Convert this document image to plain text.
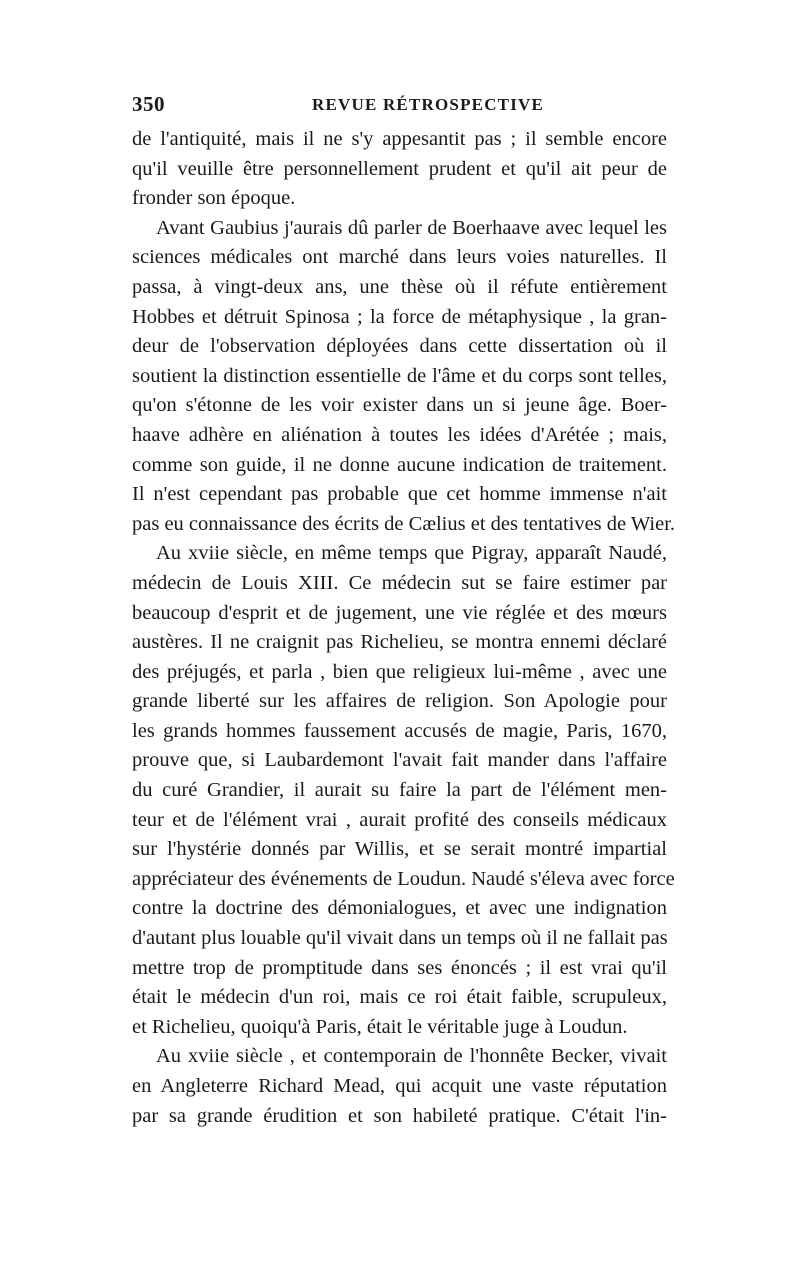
350	REVUE RÉTROSPECTIVE
de l'antiquité, mais il ne s'y appesantit pas ; il semble encore
qu'il veuille être personnellement prudent et qu'il ait peur de
fronder son époque.
Avant Gaubius j'aurais dû parler de Boerhaave avec lequel les
sciences médicales ont marché dans leurs voies naturelles. Il
passa, à vingt-deux ans, une thèse où il réfute entièrement
Hobbes et détruit Spinosa ; la force de métaphysique , la gran-
deur de l'observation déployées dans cette dissertation où il
soutient la distinction essentielle de l'âme et du corps sont telles,
qu'on s'étonne de les voir exister dans un si jeune âge. Boer-
haave adhère en aliénation à toutes les idées d'Arétée ; mais,
comme son guide, il ne donne aucune indication de traitement.
Il n'est cependant pas probable que cet homme immense n'ait
pas eu connaissance des écrits de Cælius et des tentatives de Wier.
Au xviie siècle, en même temps que Pigray, apparaît Naudé,
médecin de Louis XIII. Ce médecin sut se faire estimer par
beaucoup d'esprit et de jugement, une vie réglée et des mœurs
austères. Il ne craignit pas Richelieu, se montra ennemi déclaré
des préjugés, et parla , bien que religieux lui-même , avec une
grande liberté sur les affaires de religion. Son Apologie pour
les grands hommes faussement accusés de magie, Paris, 1670,
prouve que, si Laubardemont l'avait fait mander dans l'affaire
du curé Grandier, il aurait su faire la part de l'élément men-
teur et de l'élément vrai , aurait profité des conseils médicaux
sur l'hystérie donnés par Willis, et se serait montré impartial
appréciateur des événements de Loudun. Naudé s'éleva avec force
contre la doctrine des démonialogues, et avec une indignation
d'autant plus louable qu'il vivait dans un temps où il ne fallait pas
mettre trop de promptitude dans ses énoncés ; il est vrai qu'il
était le médecin d'un roi, mais ce roi était faible, scrupuleux,
et Richelieu, quoiqu'à Paris, était le véritable juge à Loudun.
Au xviie siècle , et contemporain de l'honnête Becker, vivait
en Angleterre Richard Mead, qui acquit une vaste réputation
par sa grande érudition et son habileté pratique. C'était l'in-
